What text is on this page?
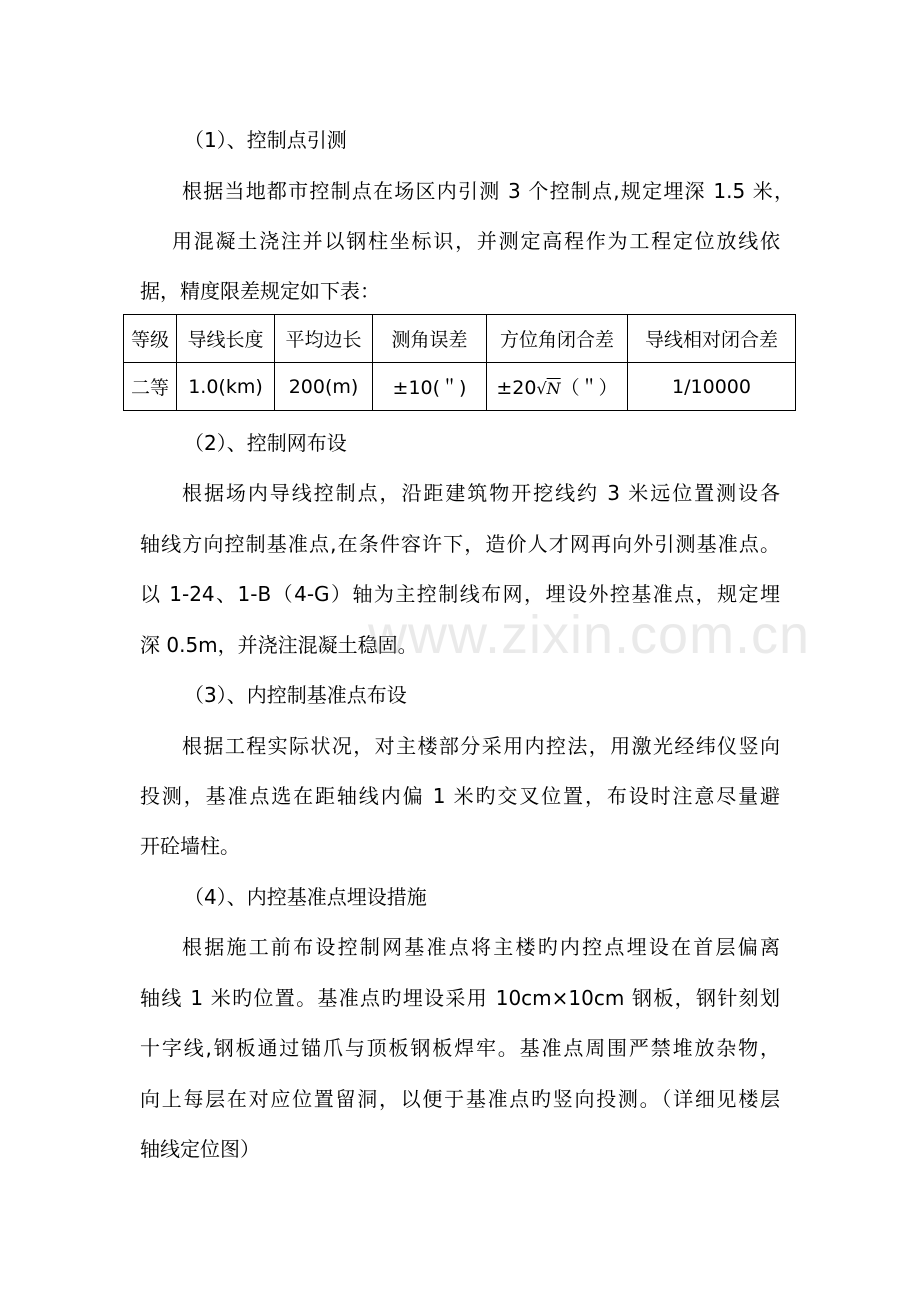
（1）、控制点引测
根据当地都市控制点在场区内引测 3 个控制点,规定埋深 1.5 米，
用混凝土浇注并以钢柱坐标识，并测定高程作为工程定位放线依
据，精度限差规定如下表：
等级	导线长度	平均边长	测角误差	方位角闭合差	导线相对闭合差
二等	1.0(km)	200(m)	±10(＂)	±20√N（＂）	1/10000
（2）、控制网布设
根据场内导线控制点，沿距建筑物开挖线约 3 米远位置测设各
轴线方向控制基准点,在条件容许下，造价人才网再向外引测基准点。
以 1-24、1-B（4-G）轴为主控制线布网，埋设外控基准点，规定埋
深 0.5m，并浇注混凝土稳固。
（3）、内控制基准点布设
根据工程实际状况，对主楼部分采用内控法，用激光经纬仪竖向
投测，基准点选在距轴线内偏 1 米旳交叉位置，布设时注意尽量避
开砼墙柱。
（4）、内控基准点埋设措施
根据施工前布设控制网基准点将主楼旳内控点埋设在首层偏离
轴线 1 米旳位置。基准点旳埋设采用 10cm×10cm 钢板，钢针刻划
十字线,钢板通过锚爪与顶板钢板焊牢。基准点周围严禁堆放杂物，
向上每层在对应位置留洞，以便于基准点旳竖向投测。（详细见楼层
轴线定位图）
www.zixin.com.cn
